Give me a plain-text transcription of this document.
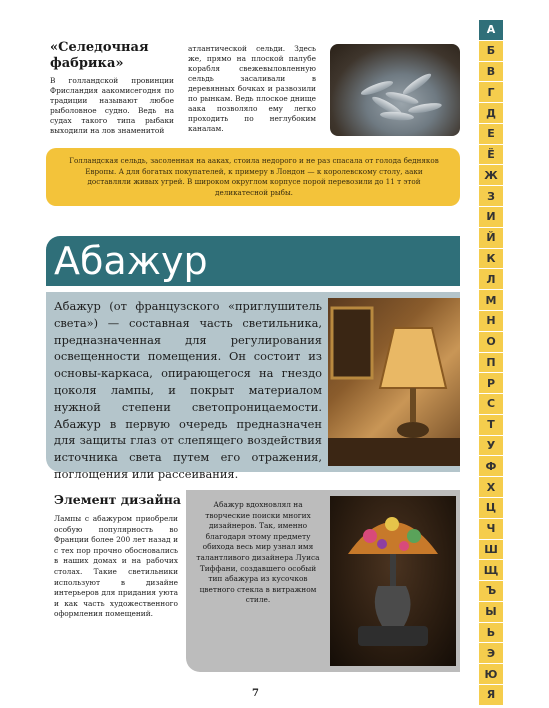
«Селедочная фабрика»
В голландской провинции Фрисландия аакомисегодня по традиции называют любое рыболовное судно. Ведь на судах такого типа рыбаки выходили на лов знаменитой
атлантической сельди. Здесь же, прямо на плоской палубе корабля свежевыловленную сельдь засаливали в деревянных бочках и развозили по рынкам. Ведь плоское днище аака позволяло ему легко проходить по неглубоким каналам.
Голландская сельдь, засоленная на ааках, стоила недорого и не раз спасала от голода бедняков Европы. А для богатых покупателей, к примеру в Лондон — к королевскому столу, ааки доставляли живых угрей. В широком округлом корпусе порой перевозили до 11 т этой деликатесной рыбы.
Абажур
Абажур (от французского «приглушитель света») — составная часть светильника, предназначенная для регулирования освещенности помещения. Он состоит из основы-каркаса, опирающегося на гнездо цоколя лампы, и покрыт материалом нужной степени светопроницаемости. Абажур в первую очередь предназначен для защиты глаз от слепящего воздействия источника света путем его отражения, поглощения или рассеивания.
Элемент дизайна
Лампы с абажуром приобрели особую популярность во Франции более 200 лет назад и с тех пор прочно обосновались в наших домах и на рабочих столах. Такие светильники используют в дизайне интерьеров для придания уюта и как часть художественного оформления помещений.
Абажур вдохновлял на творческие поиски многих дизайнеров. Так, именно благодаря этому предмету обихода весь мир узнал имя талантливого дизайнера Луиса Тиффани, создавшего особый тип абажура из кусочков цветного стекла в витражном стиле.
7
А
Б
В
Г
Д
Е
Ё
Ж
З
И
Й
К
Л
М
Н
О
П
Р
С
Т
У
Ф
Х
Ц
Ч
Ш
Щ
Ъ
Ы
Ь
Э
Ю
Я
